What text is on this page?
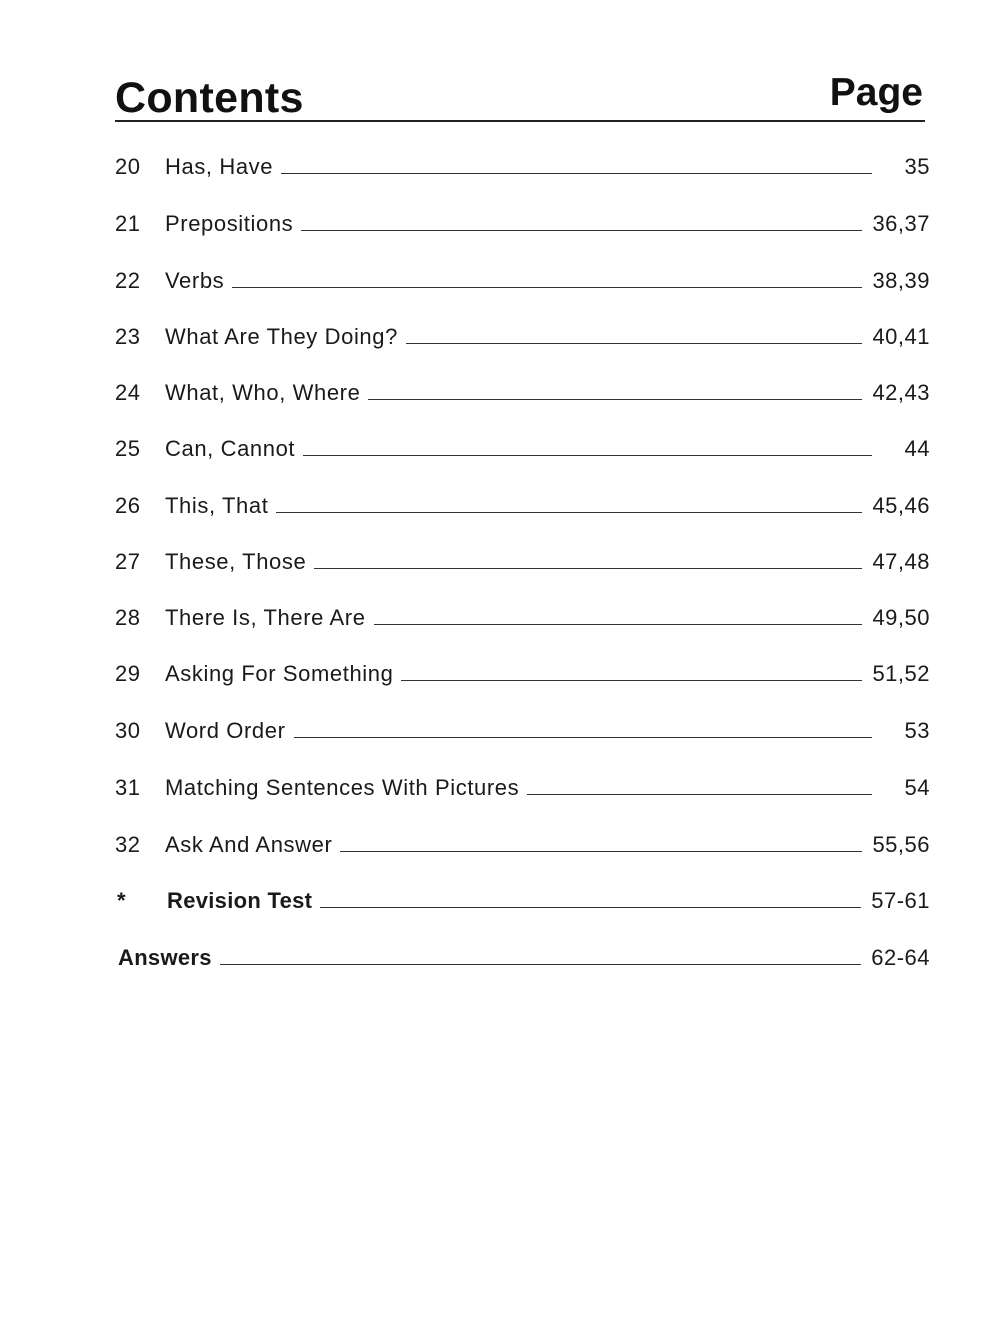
Contents	Page
20	Has, Have	35
21	Prepositions	36,37
22	Verbs	38,39
23	What Are They Doing?	40,41
24	What, Who, Where	42,43
25	Can, Cannot	44
26	This, That	45,46
27	These, Those	47,48
28	There Is, There Are	49,50
29	Asking For Something	51,52
30	Word Order	53
31	Matching Sentences With Pictures	54
32	Ask And Answer	55,56
*	Revision Test	57-61
Answers	62-64
